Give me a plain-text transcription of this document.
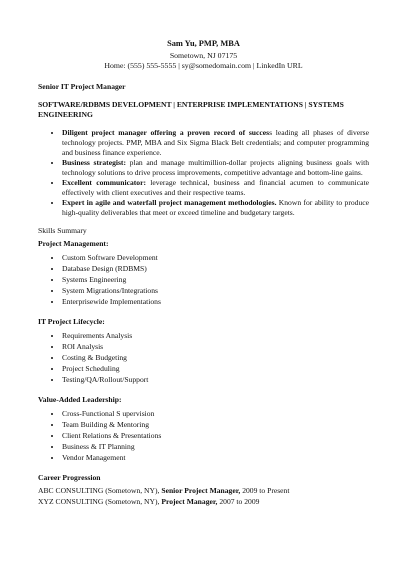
Sam Yu, PMP, MBA
Sometown, NJ 07175
Home: (555) 555-5555 | sy@somedomain.com | LinkedIn URL
Senior IT Project Manager
SOFTWARE/RDBMS DEVELOPMENT | ENTERPRISE IMPLEMENTATIONS | SYSTEMS ENGINEERING
• Diligent project manager offering a proven record of success leading all phases of diverse technology projects. PMP, MBA and Six Sigma Black Belt credentials; and computer programming and business finance experience.
• Business strategist: plan and manage multimillion-dollar projects aligning business goals with technology solutions to drive process improvements, competitive advantage and bottom-line gains.
• Excellent communicator: leverage technical, business and financial acumen to communicate effectively with client executives and their respective teams.
• Expert in agile and waterfall project management methodologies. Known for ability to produce high-quality deliverables that meet or exceed timeline and budgetary targets.
Skills Summary
Project Management:
• Custom Software Development
• Database Design (RDBMS)
• Systems Engineering
• System Migrations/Integrations
• Enterprisewide Implementations
IT Project Lifecycle:
• Requirements Analysis
• ROI Analysis
• Costing & Budgeting
• Project Scheduling
• Testing/QA/Rollout/Support
Value-Added Leadership:
• Cross-Functional S upervision
• Team Building & Mentoring
• Client Relations & Presentations
• Business & IT Planning
• Vendor Management
Career Progression
ABC CONSULTING (Sometown, NY), Senior Project Manager, 2009 to Present
XYZ CONSULTING (Sometown, NY), Project Manager, 2007 to 2009
